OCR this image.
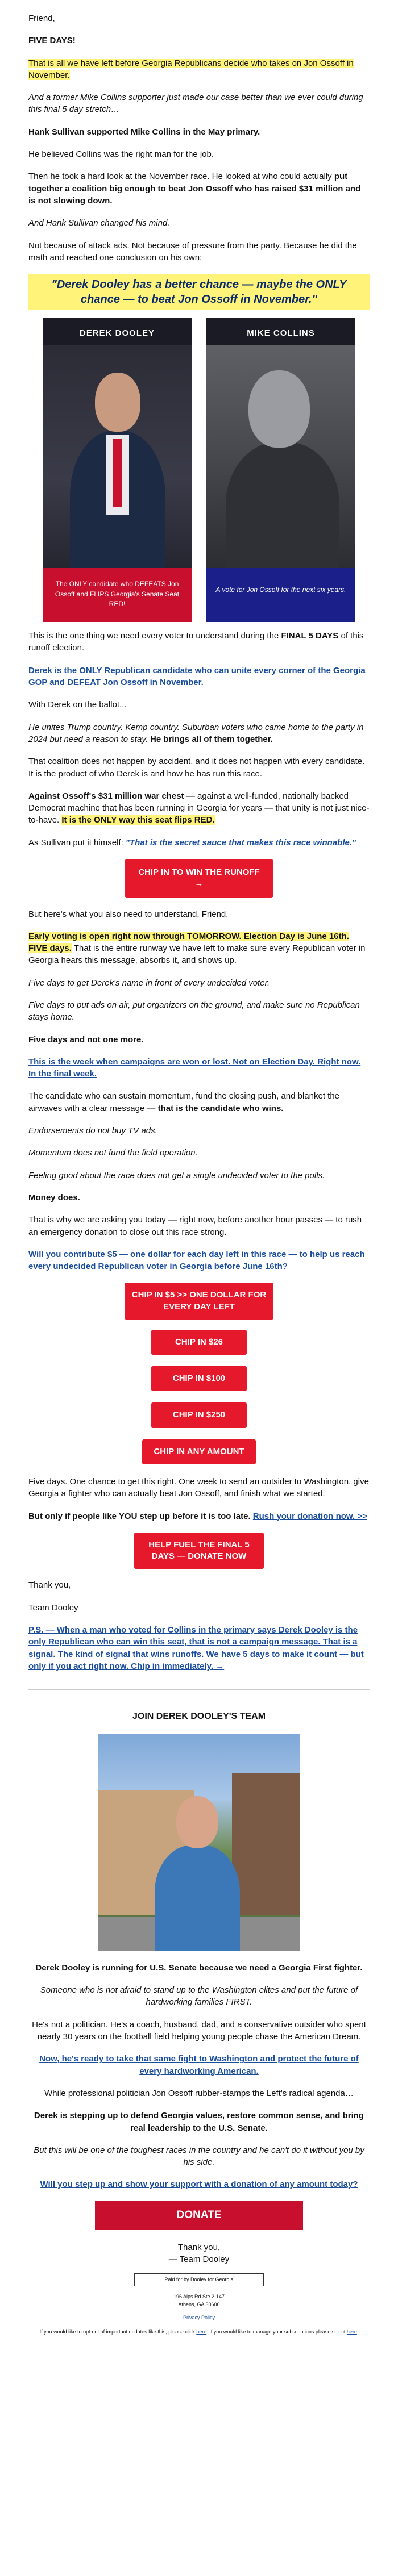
Friend,

FIVE DAYS!

That is all we have left before Georgia Republicans decide who takes on Jon Ossoff in November.

And a former Mike Collins supporter just made our case better than we ever could during this final 5 day stretch…

Hank Sullivan supported Mike Collins in the May primary.

He believed Collins was the right man for the job.

Then he took a hard look at the November race. He looked at who could actually put together a coalition big enough to beat Jon Ossoff who has raised $31 million and is not slowing down.

And Hank Sullivan changed his mind.

Not because of attack ads. Not because of pressure from the party. Because he did the math and reached one conclusion on his own:

"Derek Dooley has a better chance — maybe the ONLY chance — to beat Jon Ossoff in November."
DEREK DOOLEY
The ONLY candidate who DEFEATS Jon Ossoff and FLIPS Georgia's Senate Seat RED!
MIKE COLLINS
A vote for Jon Ossoff for the next six years.

This is the one thing we need every voter to understand during the FINAL 5 DAYS of this runoff election.

Derek is the ONLY Republican candidate who can unite every corner of the Georgia GOP and DEFEAT Jon Ossoff in November.

With Derek on the ballot...

He unites Trump country. Kemp country. Suburban voters who came home to the party in 2024 but need a reason to stay. He brings all of them together.

That coalition does not happen by accident, and it does not happen with every candidate. It is the product of who Derek is and how he has run this race.

Against Ossoff's $31 million war chest — against a well-funded, nationally backed Democrat machine that has been running in Georgia for years — that unity is not just nice-to-have. It is the ONLY way this seat flips RED.

As Sullivan put it himself: "That is the secret sauce that makes this race winnable."

CHIP IN TO WIN THE RUNOFF →

But here's what you also need to understand, Friend.

Early voting is open right now through TOMORROW. Election Day is June 16th. FIVE days. That is the entire runway we have left to make sure every Republican voter in Georgia hears this message, absorbs it, and shows up.

Five days to get Derek's name in front of every undecided voter.

Five days to put ads on air, put organizers on the ground, and make sure no Republican stays home.

Five days and not one more.

This is the week when campaigns are won or lost. Not on Election Day. Right now. In the final week.

The candidate who can sustain momentum, fund the closing push, and blanket the airwaves with a clear message — that is the candidate who wins.

Endorsements do not buy TV ads.

Momentum does not fund the field operation.

Feeling good about the race does not get a single undecided voter to the polls.

Money does.

That is why we are asking you today — right now, before another hour passes — to rush an emergency donation to close out this race strong.

Will you contribute $5 — one dollar for each day left in this race — to help us reach every undecided Republican voter in Georgia before June 16th?

CHIP IN $5 >> ONE DOLLAR FOR EVERY DAY LEFT
CHIP IN $26
CHIP IN $100
CHIP IN $250
CHIP IN ANY AMOUNT

Five days. One chance to get this right. One week to send an outsider to Washington, give Georgia a fighter who can actually beat Jon Ossoff, and finish what we started.

But only if people like YOU step up before it is too late. Rush your donation now. >>

HELP FUEL THE FINAL 5 DAYS — DONATE NOW

Thank you,

Team Dooley

P.S. — When a man who voted for Collins in the primary says Derek Dooley is the only Republican who can win this seat, that is not a campaign message. That is a signal. The kind of signal that wins runoffs. We have 5 days to make it count — but only if you act right now. Chip in immediately. →

JOIN DEREK DOOLEY'S TEAM

Derek Dooley is running for U.S. Senate because we need a Georgia First fighter.

Someone who is not afraid to stand up to the Washington elites and put the future of hardworking families FIRST.

He's not a politician. He's a coach, husband, dad, and a conservative outsider who spent nearly 30 years on the football field helping young people chase the American Dream.

Now, he's ready to take that same fight to Washington and protect the future of every hardworking American.

While professional politician Jon Ossoff rubber-stamps the Left's radical agenda…

Derek is stepping up to defend Georgia values, restore common sense, and bring real leadership to the U.S. Senate.

But this will be one of the toughest races in the country and he can't do it without you by his side.

Will you step up and show your support with a donation of any amount today?

DONATE

Thank you,

— Team Dooley

Paid for by Dooley for Georgia
196 Alps Rd Ste 2-147
Athens, GA 30606
Privacy Policy
If you would like to opt-out of important updates like this, please click here. If you would like to manage your subscriptions please select here.
